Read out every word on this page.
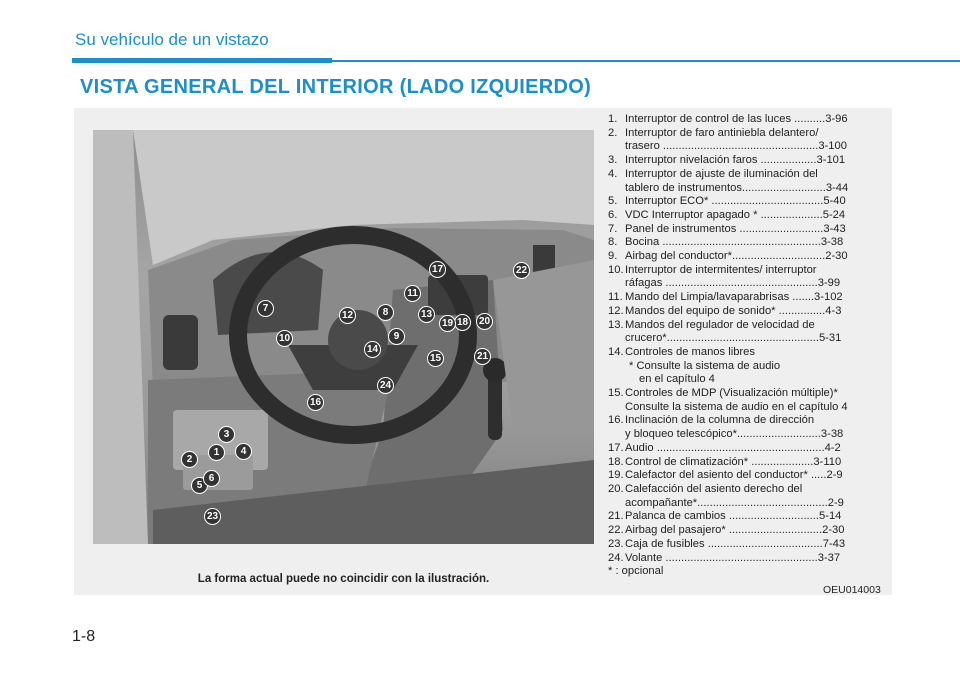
Su vehículo de un vistazo
VISTA GENERAL DEL INTERIOR (LADO IZQUIERDO)
1
2
3
4
5
6
7	8
9
10
11
12	13
14
15
16
17
18
19	20
21
22
23
24
La forma actual puede no coincidir con la ilustración.
OEU014003
1. Interruptor de control de las luces ..........3-96
2. Interruptor de faro antiniebla delantero/
trasero ..................................................3-100
3. Interruptor nivelación faros ..................3-101
4. Interruptor de ajuste de iluminación del
tablero de instrumentos...........................3-44
5. Interruptor ECO* ....................................5-40
6. VDC Interruptor apagado * ....................5-24
7. Panel de instrumentos ...........................3-43
8. Bocina ...................................................3-38
9. Airbag del conductor*..............................2-30
10. Interruptor de intermitentes/ interruptor
ráfagas .................................................3-99
11. Mando del Limpia/lavaparabrisas .......3-102
12. Mandos del equipo de sonido* ...............4-3
13. Mandos del regulador de velocidad de
crucero*.................................................5-31
14. Controles de manos libres
* Consulte la sistema de audio
en el capítulo 4
15. Controles de MDP (Visualización múltiple)*
Consulte la sistema de audio en el capítulo 4
16. Inclinación de la columna de dirección
y bloqueo telescópico*...........................3-38
17. Audio ......................................................4-2
18. Control de climatización* ....................3-110
19. Calefactor del asiento del conductor* .....2-9
20. Calefacción del asiento derecho del
acompañante*..........................................2-9
21. Palanca de cambios .............................5-14
22. Airbag del pasajero* ..............................2-30
23. Caja de fusibles .....................................7-43
24. Volante .................................................3-37
* : opcional
1-8
